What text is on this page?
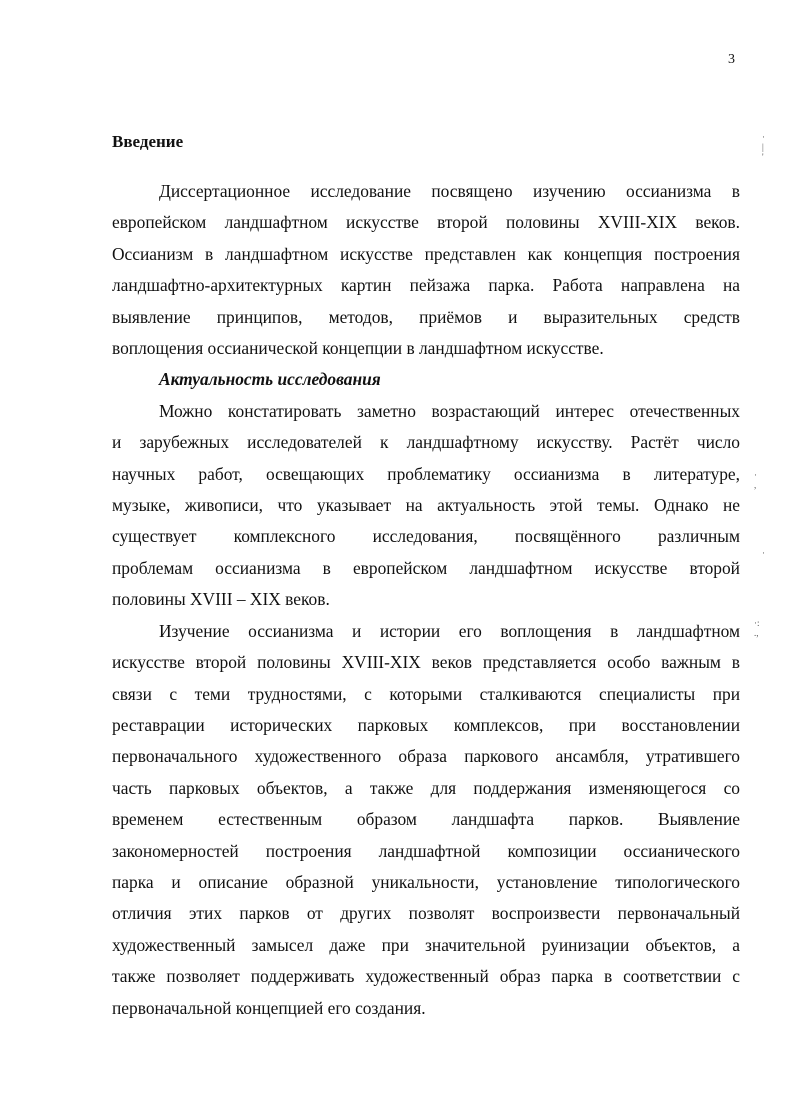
3
Введение

Диссертационное исследование посвящено изучению оссианизма в
европейском ландшафтном искусстве второй половины XVIII-XIX веков.
Оссианизм в ландшафтном искусстве представлен как концепция построения
ландшафтно-архитектурных картин пейзажа парка. Работа направлена на
выявление принципов, методов, приёмов и выразительных средств
воплощения оссианической концепции в ландшафтном искусстве.

Актуальность исследования

Можно констатировать заметно возрастающий интерес отечественных
и зарубежных исследователей к ландшафтному искусству. Растёт число
научных работ, освещающих проблематику оссианизма в литературе,
музыке, живописи, что указывает на актуальность этой темы. Однако не
существует комплексного исследования, посвящённого различным
проблемам оссианизма в европейском ландшафтном искусстве второй
половины XVIII – XIX веков.

Изучение оссианизма и истории его воплощения в ландшафтном
искусстве второй половины XVIII-XIX веков представляется особо важным в
связи с теми трудностями, с которыми сталкиваются специалисты при
реставрации исторических парковых комплексов, при восстановлении
первоначального художественного образа паркового ансамбля, утратившего
часть парковых объектов, а также для поддержания изменяющегося со
временем естественным образом ландшафта парков. Выявление
закономерностей построения ландшафтной композиции оссианического
парка и описание образной уникальности, установление типологического
отличия этих парков от других позволят воспроизвести первоначальный
художественный замысел даже при значительной руинизации объектов, а
также позволяет поддерживать художественный образ парка в соответствии с
первоначальной концепцией его создания.

·
|
'
·
,
·
·:
.,
